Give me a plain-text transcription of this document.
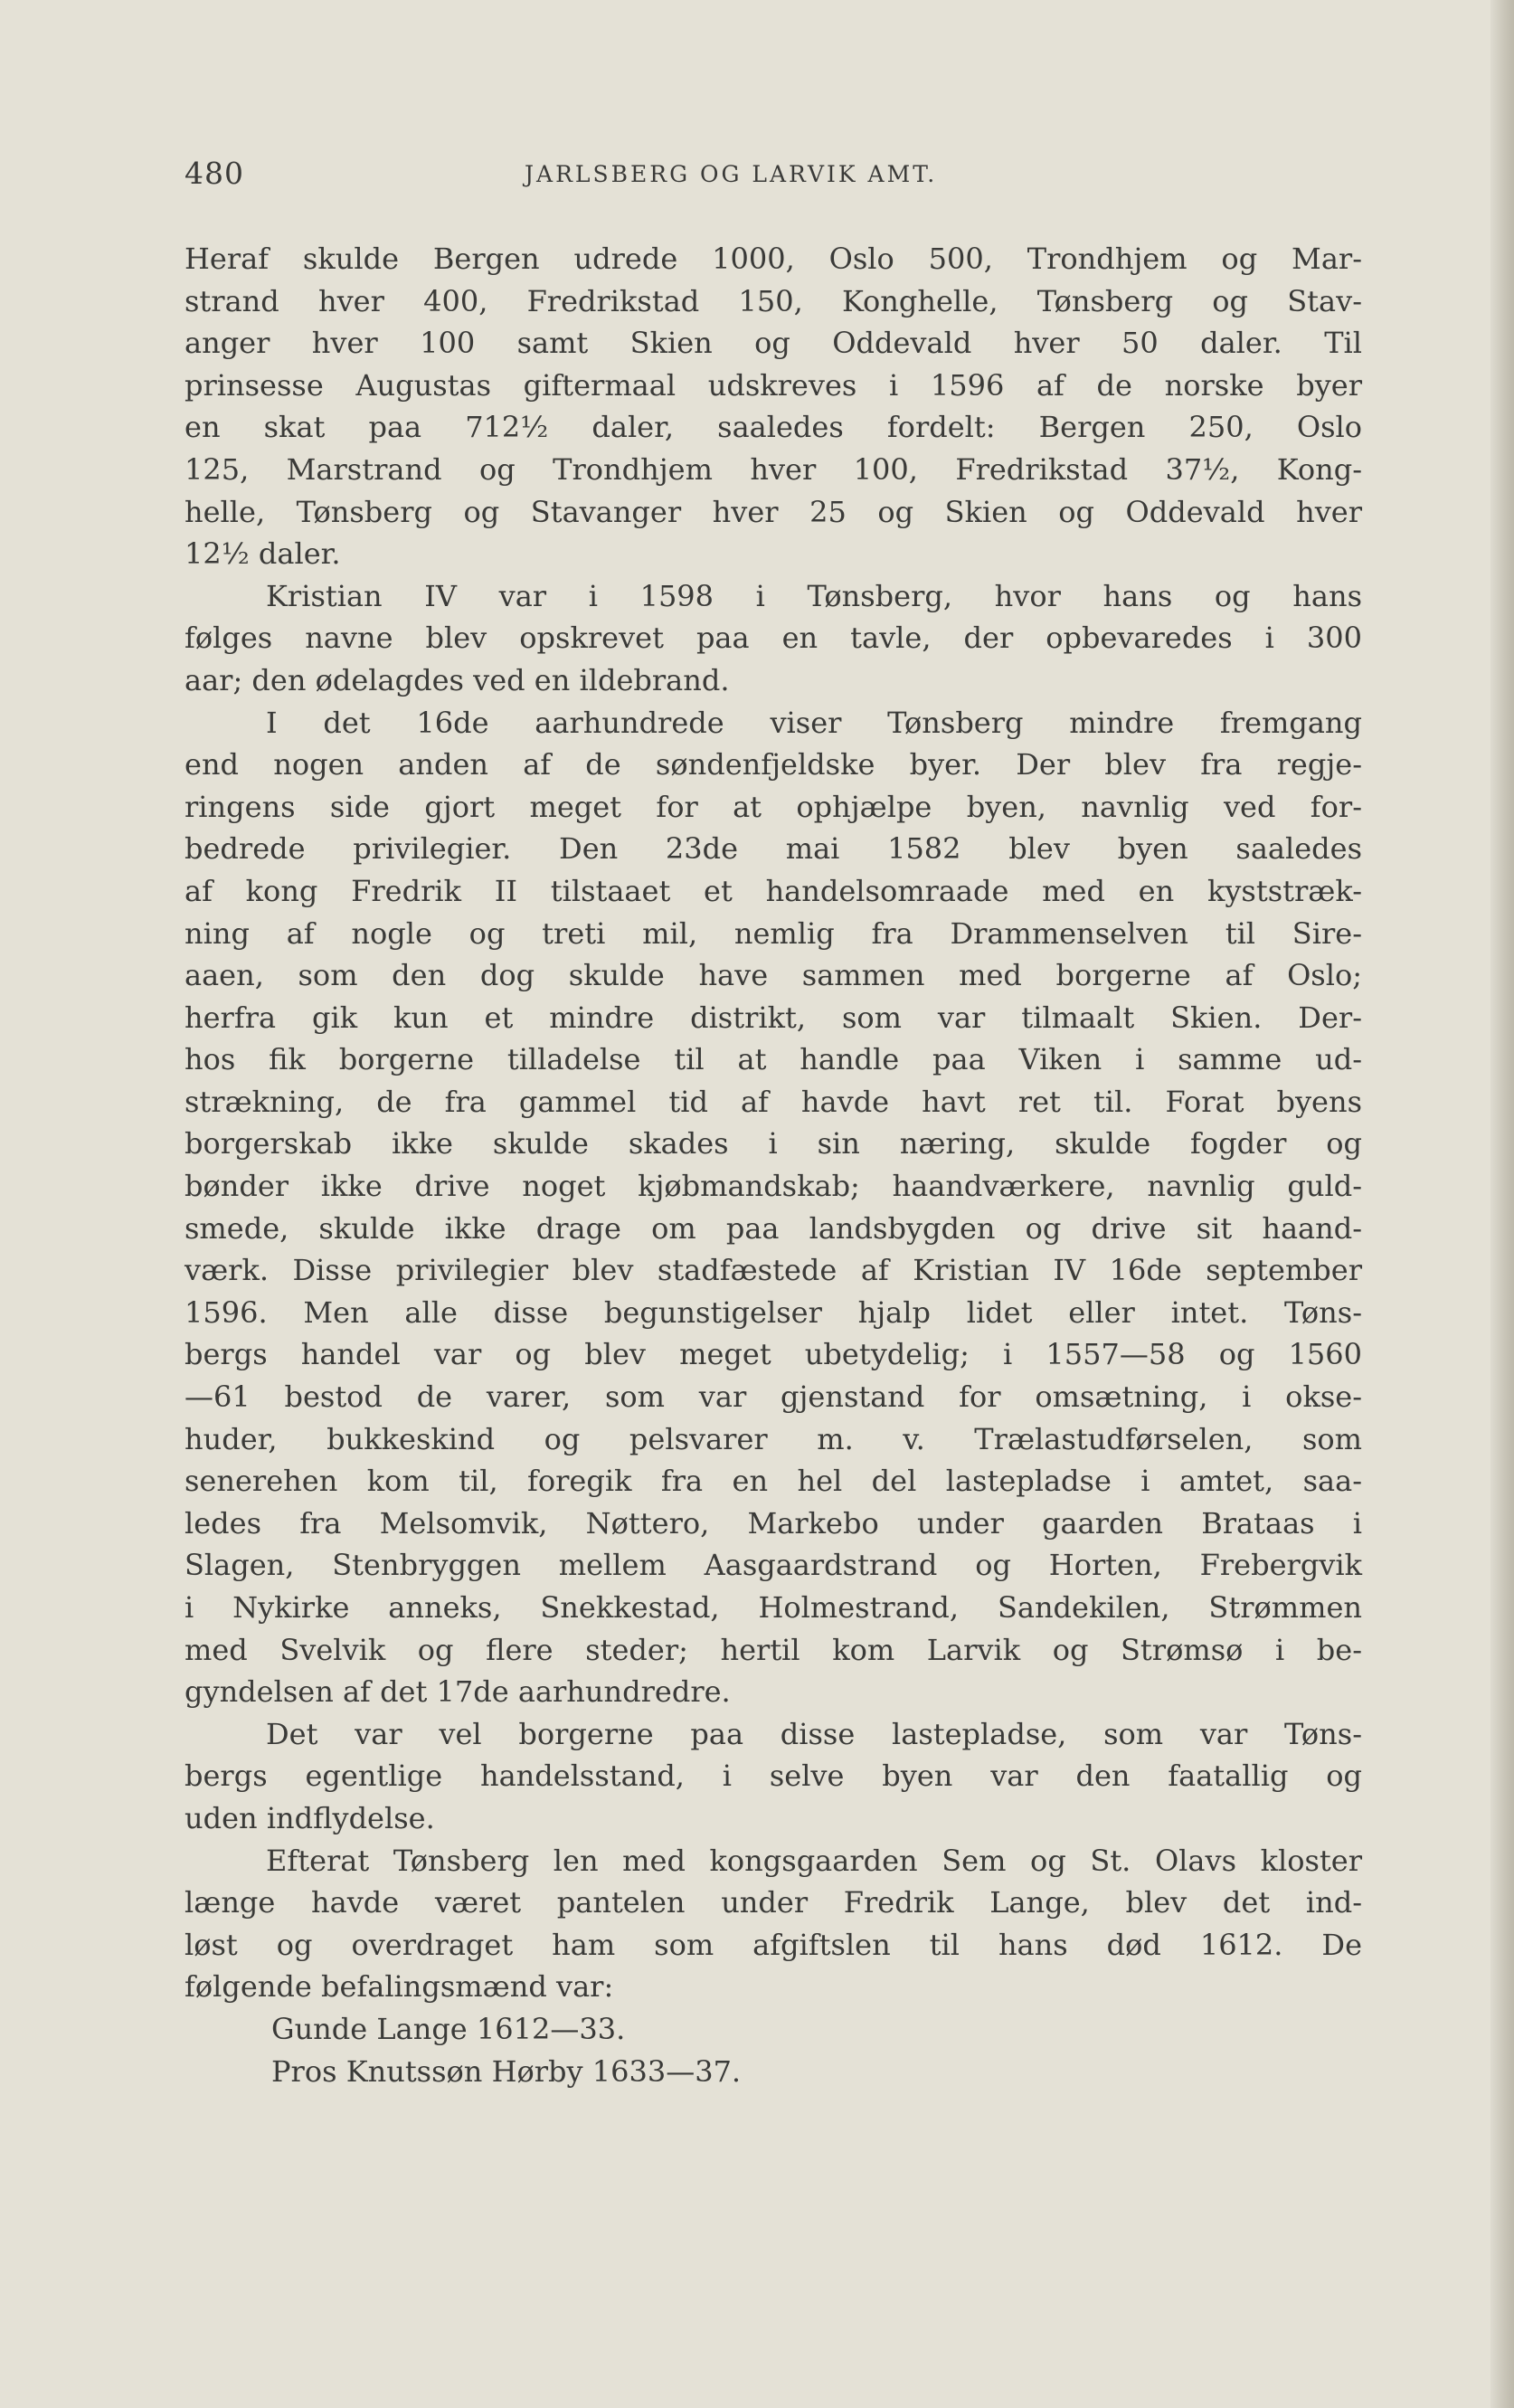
480	JARLSBERG OG LARVIK AMT.
Heraf skulde Bergen udrede 1000, Oslo 500, Trondhjem og Mar-
strand hver 400, Fredrikstad 150, Konghelle, Tønsberg og Stav-
anger hver 100 samt Skien og Oddevald hver 50 daler. Til
prinsesse Augustas giftermaal udskreves i 1596 af de norske byer
en skat paa 712½ daler, saaledes fordelt: Bergen 250, Oslo
125, Marstrand og Trondhjem hver 100, Fredrikstad 37½, Kong-
helle, Tønsberg og Stavanger hver 25 og Skien og Oddevald hver
12½ daler.
Kristian IV var i 1598 i Tønsberg, hvor hans og hans
følges navne blev opskrevet paa en tavle, der opbevaredes i 300
aar; den ødelagdes ved en ildebrand.
I det 16de aarhundrede viser Tønsberg mindre fremgang
end nogen anden af de søndenfjeldske byer. Der blev fra regje-
ringens side gjort meget for at ophjælpe byen, navnlig ved for-
bedrede privilegier. Den 23de mai 1582 blev byen saaledes
af kong Fredrik II tilstaaet et handelsomraade med en kyststræk-
ning af nogle og treti mil, nemlig fra Drammenselven til Sire-
aaen, som den dog skulde have sammen med borgerne af Oslo;
herfra gik kun et mindre distrikt, som var tilmaalt Skien. Der-
hos fik borgerne tilladelse til at handle paa Viken i samme ud-
strækning, de fra gammel tid af havde havt ret til. Forat byens
borgerskab ikke skulde skades i sin næring, skulde fogder og
bønder ikke drive noget kjøbmandskab; haandværkere, navnlig guld-
smede, skulde ikke drage om paa landsbygden og drive sit haand-
værk. Disse privilegier blev stadfæstede af Kristian IV 16de september
1596. Men alle disse begunstigelser hjalp lidet eller intet. Tøns-
bergs handel var og blev meget ubetydelig; i 1557—58 og 1560
—61 bestod de varer, som var gjenstand for omsætning, i okse-
huder, bukkeskind og pelsvarer m. v. Trælastudførselen, som
senerehen kom til, foregik fra en hel del lastepladse i amtet, saa-
ledes fra Melsomvik, Nøttero, Markebo under gaarden Brataas i
Slagen, Stenbryggen mellem Aasgaardstrand og Horten, Frebergvik
i Nykirke anneks, Snekkestad, Holmestrand, Sandekilen, Strømmen
med Svelvik og flere steder; hertil kom Larvik og Strømsø i be-
gyndelsen af det 17de aarhundredre.
Det var vel borgerne paa disse lastepladse, som var Tøns-
bergs egentlige handelsstand, i selve byen var den faatallig og
uden indflydelse.
Efterat Tønsberg len med kongsgaarden Sem og St. Olavs kloster
længe havde været pantelen under Fredrik Lange, blev det ind-
løst og overdraget ham som afgiftslen til hans død 1612. De
følgende befalingsmænd var:
Gunde Lange 1612—33.
Pros Knutssøn Hørby 1633—37.
